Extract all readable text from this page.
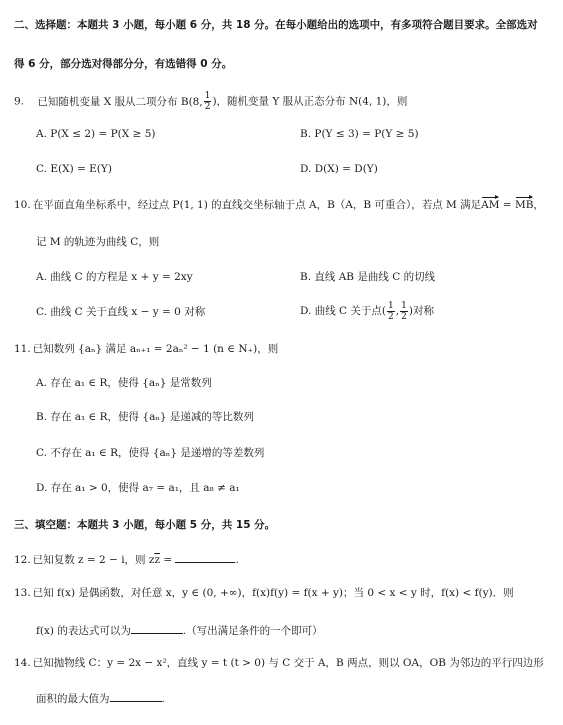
二、选择题：本题共 3 小题，每小题 6 分，共 18 分。在每小题给出的选项中，有多项符合题目要求。全部选对
得 6 分，部分选对得部分分，有选错得 0 分。
9. 已知随机变量 X 服从二项分布 B(8, $\frac{1}{2}$ )，随机变量 Y 服从正态分布 N(4, 1)，则
A. P(X ≤ 2) = P(X ≥ 5)	B. P(Y ≤ 3) = P(Y ≥ 5)
C. E(X) = E(Y)	D. D(X) = D(Y)
10. 在平面直角坐标系中，经过点 P(1, 1) 的直线交坐标轴于点 A，B（A，B 可重合），若点 M 满足AM = MB，
记 M 的轨迹为曲线 C，则
A. 曲线 C 的方程是 x + y = 2xy	B. 直线 AB 是曲线 C 的切线
C. 曲线 C 关于直线 x − y = 0 对称	D. 曲线 C 关于点( $\frac{1}{2}$ , $\frac{1}{2}$ )对称
11. 已知数列 {aₙ} 满足 aₙ₊₁ = 2aₙ² − 1 (n ∈ N₊)，则
A. 存在 a₁ ∈ R，使得 {aₙ} 是常数列
B. 存在 a₁ ∈ R，使得 {aₙ} 是递减的等比数列
C. 不存在 a₁ ∈ R，使得 {aₙ} 是递增的等差数列
D. 存在 a₁ > 0，使得 a₇ = a₁，且 a₈ ≠ a₁
三、填空题：本题共 3 小题，每小题 5 分，共 15 分。
12. 已知复数 z = 2 − i，则 $z\overline{z}$ =	.
13. 已知 f(x) 是偶函数，对任意 x，y ∈ (0, +∞)，f(x)f(y) = f(x + y)；当 0 < x < y 时，f(x) < f(y)．则
f(x) 的表达式可以为	.（写出满足条件的一个即可）
14. 已知抛物线 C：y = 2x − x²，直线 y = t (t > 0) 与 C 交于 A，B 两点，则以 OA，OB 为邻边的平行四边形
面积的最大值为	.
